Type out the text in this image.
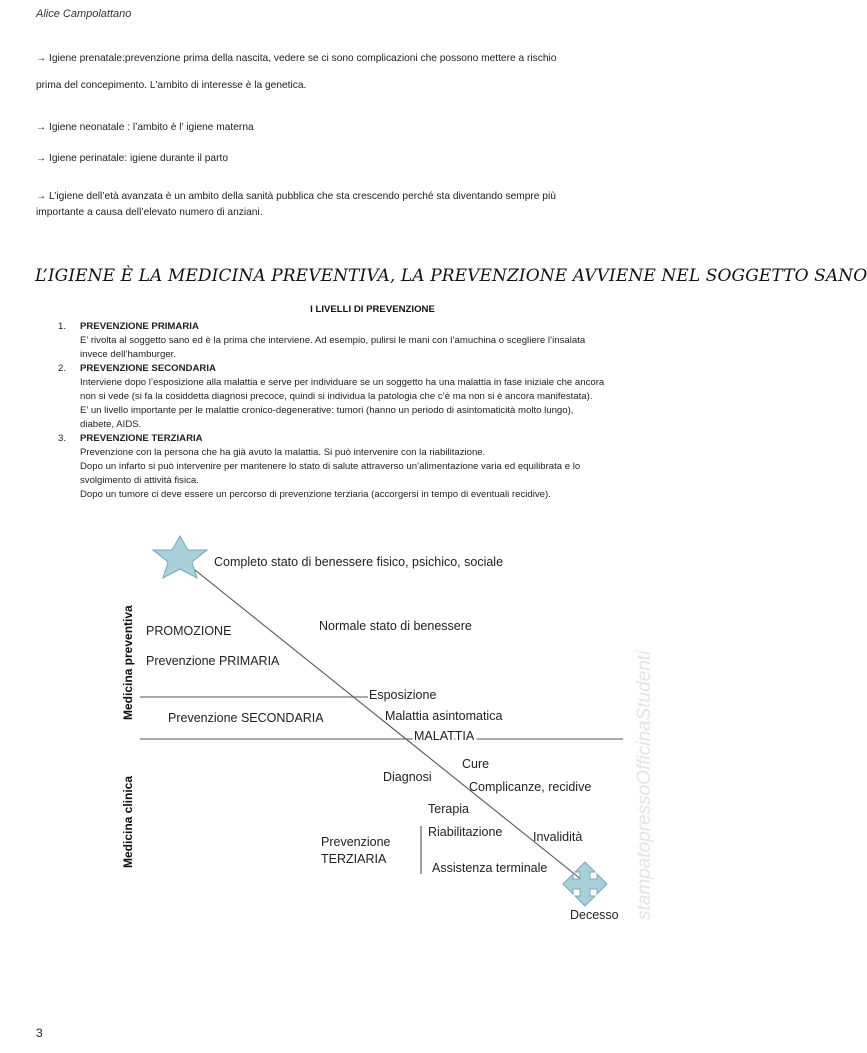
Alice Campolattano
→ Igiene prenatale:prevenzione prima della nascita, vedere se ci sono complicazioni che possono mettere a rischio
prima del concepimento. L'ambito di interesse è la genetica.
→ Igiene neonatale : l’ambito è l’ igiene materna
→ Igiene perinatale: igiene durante il parto
→ L’igiene dell’età avanzata è un ambito della sanità pubblica che sta crescendo perché sta diventando sempre più
importante a causa dell’elevato numero di anziani.
L’IGIENE È LA MEDICINA PREVENTIVA, LA PREVENZIONE AVVIENE NEL SOGGETTO SANO
I LIVELLI DI PREVENZIONE
1. PREVENZIONE PRIMARIA
E’ rivolta al soggetto sano ed è la prima che interviene. Ad esempio, pulirsi le mani con l’amuchina o scegliere l’insalata
invece dell’hamburger.
2. PREVENZIONE SECONDARIA
Interviene dopo l’esposizione alla malattia e serve per individuare se un soggetto ha una malattia in fase iniziale che ancora
non si vede (si fa la cosiddetta diagnosi precoce, quindi si individua la patologia che c’è ma non si è ancora manifestata).
E’ un livello importante per le malattie cronico-degenerative: tumori (hanno un periodo di asintomaticità molto lungo),
diabete, AIDS.
3. PREVENZIONE TERZIARIA
Prevenzione con la persona che ha già avuto la malattia. Si può intervenire con la riabilitazione.
Dopo un infarto si può intervenire per mantenere lo stato di salute attraverso un’alimentazione varia ed equilibrata e lo
svolgimento di attività fisica.
Dopo un tumore ci deve essere un percorso di prevenzione terziaria (accorgersi in tempo di eventuali recidive).
stampatopressoOfficinaStudenti
Medicina preventiva
Medicina clinica
Completo stato di benessere fisico, psichico, sociale
PROMOZIONE
Prevenzione PRIMARIA
Normale stato di benessere
Esposizione
Prevenzione SECONDARIA	Malattia asintomatica
MALATTIA
Cure
Diagnosi
Complicanze, recidive
Terapia
Riabilitazione Invalidità
Prevenzione
TERZIARIA
Assistenza terminale
Decesso
3
